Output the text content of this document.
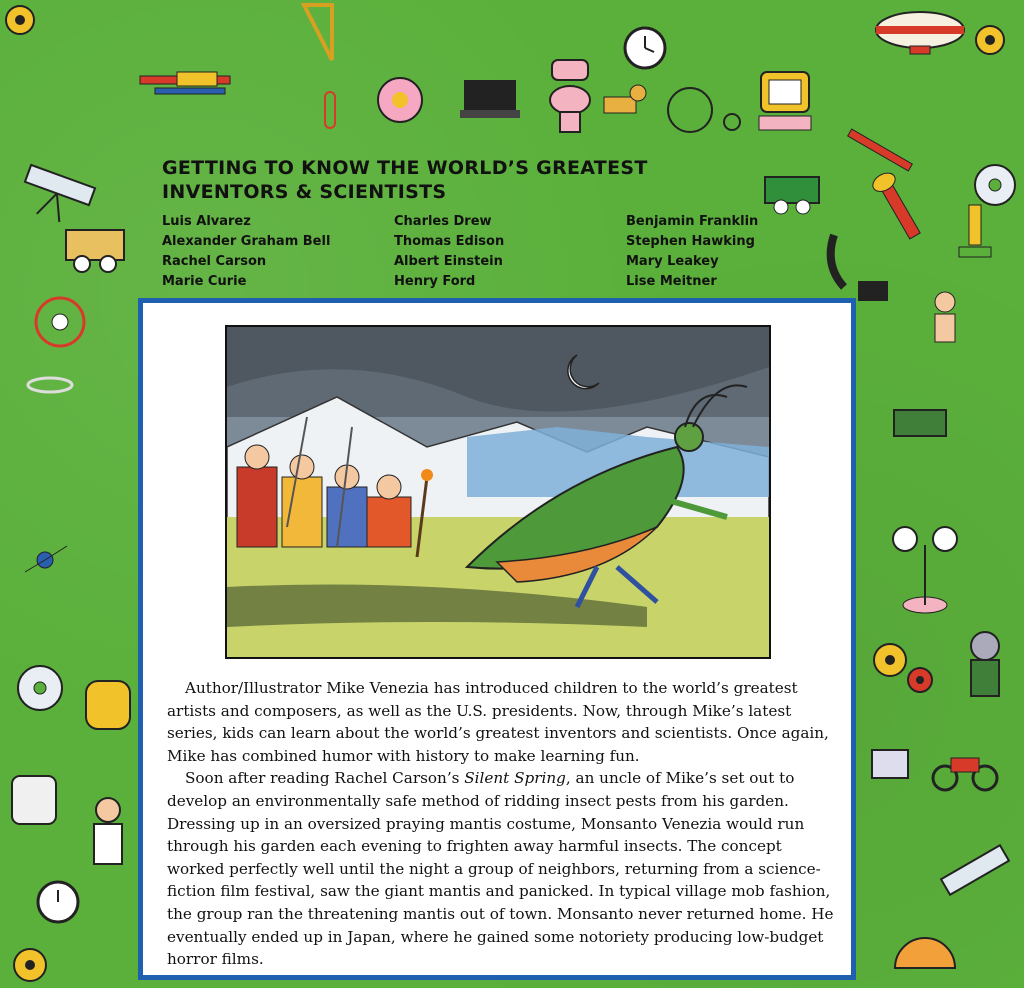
GETTING TO KNOW THE WORLD’S GREATEST
INVENTORS & SCIENTISTS
Luis Alvarez
Alexander Graham Bell
Rachel Carson
Marie Curie
Charles Drew
Thomas Edison
Albert Einstein
Henry Ford
Benjamin Franklin
Stephen Hawking
Mary Leakey
Lise Meitner

Author/Illustrator Mike Venezia has introduced children to the world’s greatest artists and composers, as well as the U.S. presidents. Now, through Mike’s latest series, kids can learn about the world’s greatest inventors and scientists. Once again, Mike has combined humor with history to make learning fun.

Soon after reading Rachel Carson’s Silent Spring, an uncle of Mike’s set out to develop an environmentally safe method of ridding insect pests from his garden. Dressing up in an oversized praying mantis costume, Monsanto Venezia would run through his garden each evening to frighten away harmful insects. The concept worked perfectly well until the night a group of neighbors, returning from a science-fiction film festival, saw the giant mantis and panicked. In typical village mob fashion, the group ran the threatening mantis out of town. Monsanto never returned home. He eventually ended up in Japan, where he gained some notoriety producing low-budget horror films.
